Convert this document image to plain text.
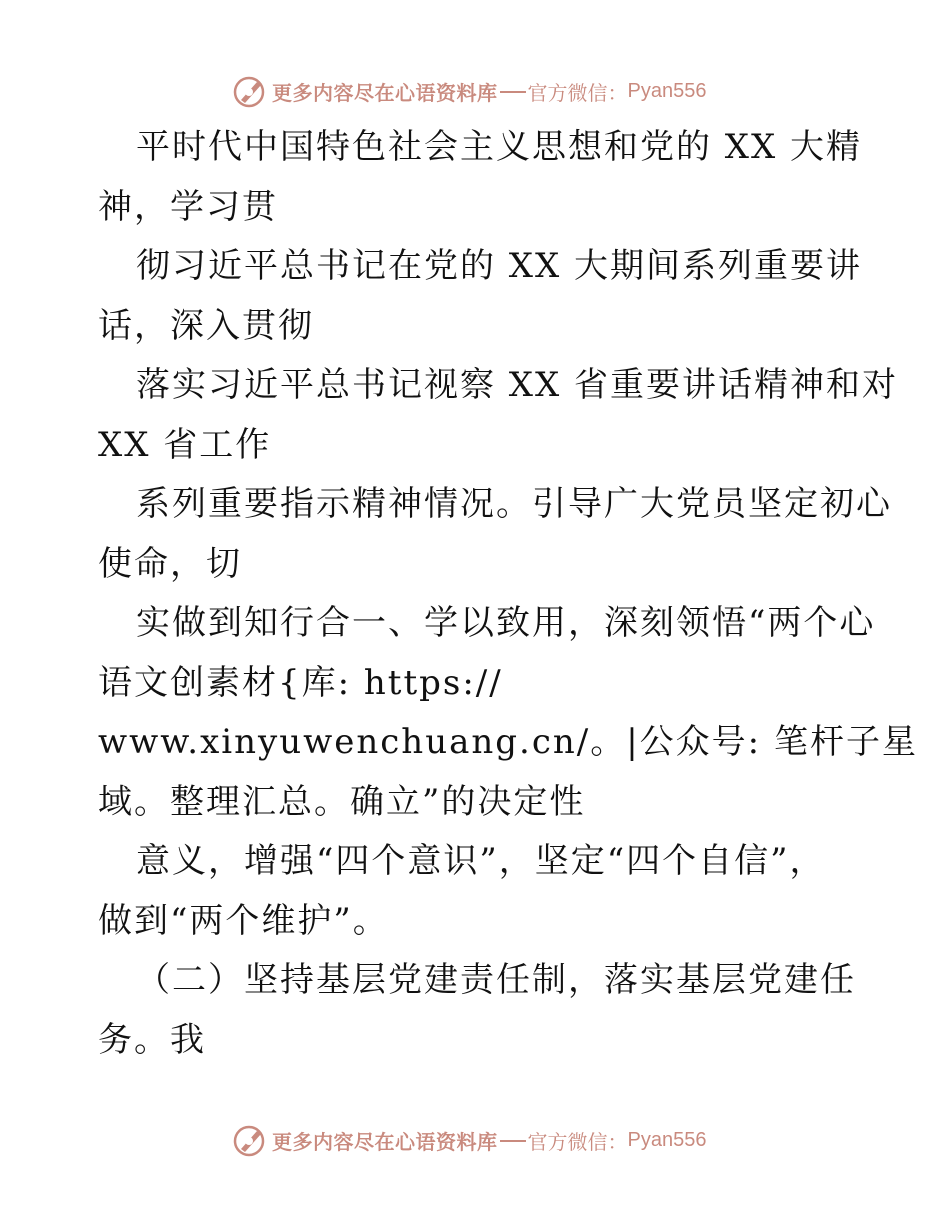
更多内容尽在心语资料库 官方微信： Pyan556
平时代中国特色社会主义思想和党的 XX 大精
神，学习贯
彻习近平总书记在党的 XX 大期间系列重要讲
话，深入贯彻
落实习近平总书记视察 XX 省重要讲话精神和对
XX 省工作
系列重要指示精神情况。引导广大党员坚定初心
使命，切
实做到知行合一、学以致用，深刻领悟“两个心
语文创素材{库: https://
www.xinyuwenchuang.cn/。|公众号: 笔杆子星
域。整理汇总。确立”的决定性
意义，增强“四个意识”，坚定“四个自信”，
做到“两个维护”。
（二）坚持基层党建责任制，落实基层党建任
务。我
更多内容尽在心语资料库 官方微信： Pyan556
